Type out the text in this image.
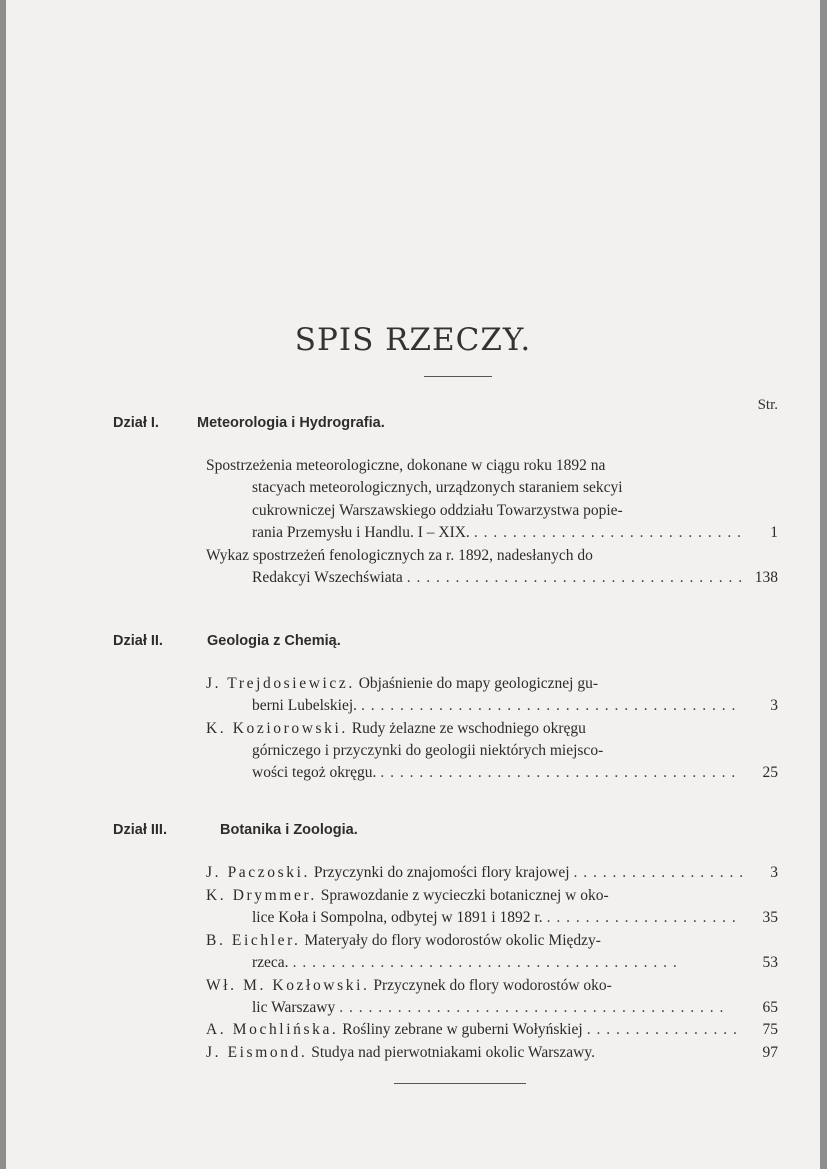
SPIS RZECZY.
Str.
Dział I.	Meteorologia i Hydrografia.
Spostrzeżenia meteorologiczne, dokonane w ciągu roku 1892 na
stacyach meteorologicznych, urządzonych staraniem sekcyi
cukrowniczej Warszawskiego oddziału Towarzystwa popie-
rania Przemysłu i Handlu. I – XIX. . . .	1
Wykaz spostrzeżeń fenologicznych za r. 1892, nadesłanych do
Redakcyi Wszechświata . . .	138
Dział II.	Geologia z Chemią.
J. Trejdosiewicz. Objaśnienie do mapy geologicznej gu-
berni Lubelskiej. . . .	3
K. Koziorowski. Rudy żelazne ze wschodniego okręgu
górniczego i przyczynki do geologii niektórych miejsco-
wości tegoż okręgu. . . .	25
Dział III.	Botanika i Zoologia.
J. Paczoski. Przyczynki do znajomości flory krajowej . . .	3
K. Drymmer. Sprawozdanie z wycieczki botanicznej w oko-
lice Koła i Sompolna, odbytej w 1891 i 1892 r. . . .	35
B. Eichler. Materyały do flory wodorostów okolic Między-
rzeca. . . .	53
Wł. M. Kozłowski. Przyczynek do flory wodorostów oko-
lic Warszawy . . .	65
A. Mochlińska. Rośliny zebrane w guberni Wołyńskiej . . .	75
J. Eismond. Studya nad pierwotniakami okolic Warszawy.	97
